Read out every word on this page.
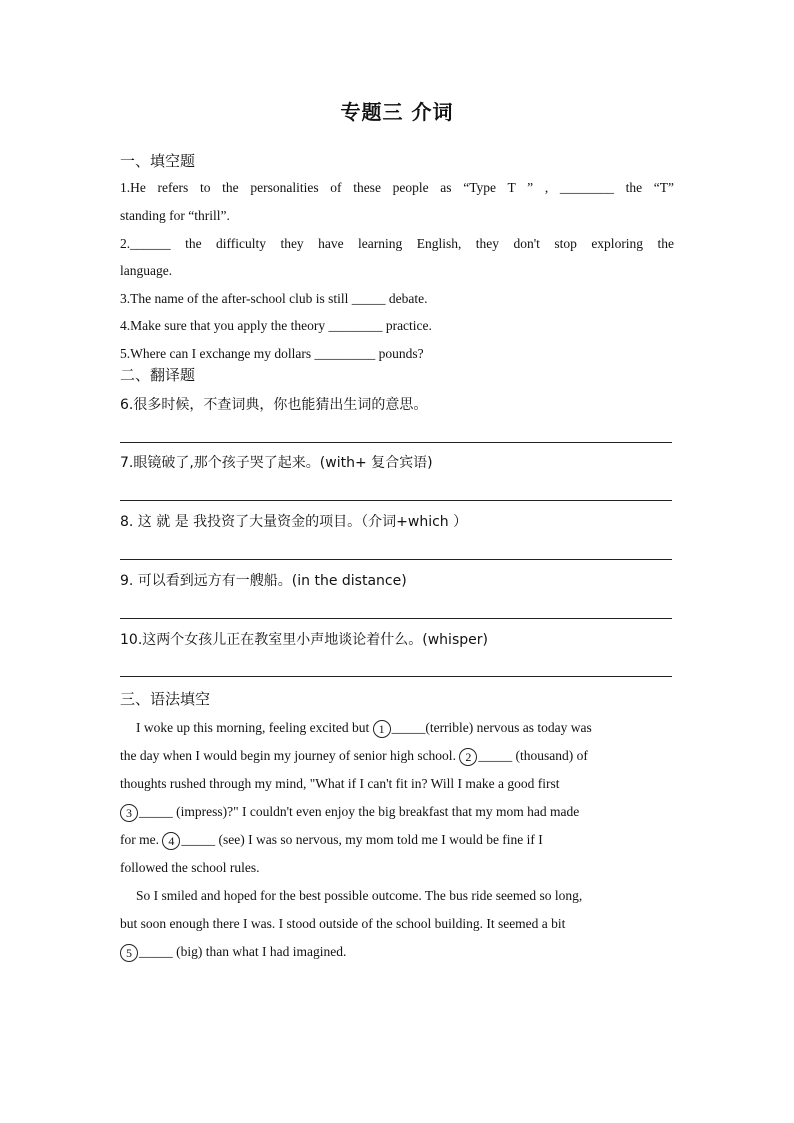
专题三 介词
一、填空题
1.He refers to the personalities of these people as “Type T ” , ________ the “T”
standing for “thrill”.
2.______ the difficulty they have learning English, they don't stop exploring the
language.
3.The name of the after-school club is still _____ debate.
4.Make sure that you apply the theory ________ practice.
5.Where can I exchange my dollars _________ pounds?
二、翻译题
6.很多时候，不查词典，你也能猜出生词的意思。
7.眼镜破了,那个孩子哭了起来。(with+ 复合宾语)
8. 这 就 是 我投资了大量资金的项目。（介词+which ）
9. 可以看到远方有一艘船。(in the distance)
10.这两个女孩儿正在教室里小声地谈论着什么。(whisper)
三、语法填空
I woke up this morning, feeling excited but 1 _____(terrible) nervous as today was
the day when I would begin my journey of senior high school. 2 _____ (thousand) of
thoughts rushed through my mind, "What if I can't fit in? Will I make a good first
3 _____ (impress)?" I couldn't even enjoy the big breakfast that my mom had made
for me. 4 _____ (see) I was so nervous, my mom told me I would be fine if I
followed the school rules.
So I smiled and hoped for the best possible outcome. The bus ride seemed so long,
but soon enough there I was. I stood outside of the school building. It seemed a bit
5 _____ (big) than what I had imagined.
